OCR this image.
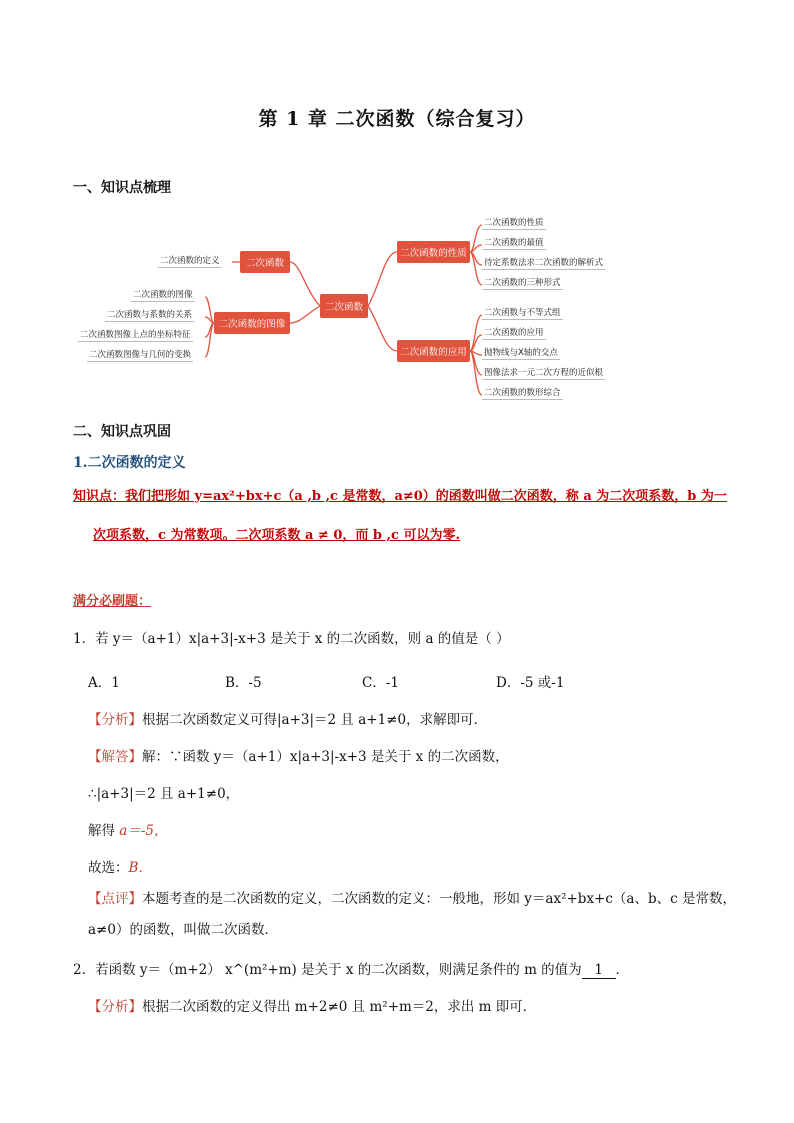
第 1 章 二次函数（综合复习）
一、知识点梳理
二次函数
二次函数
二次函数的定义
二次函数的图像
二次函数的图像
二次函数与系数的关系
二次函数图像上点的坐标特征
二次函数图像与几何的变换
二次函数的性质
二次函数的性质
二次函数的最值
待定系数法求二次函数的解析式
二次函数的三种形式
二次函数的应用
二次函数与不等式组
二次函数的应用
抛物线与X轴的交点
图像法求一元二次方程的近似根
二次函数的数形综合
二、知识点巩固
1.二次函数的定义
知识点：我们把形如 y=ax²+bx+c（a ,b ,c 是常数，a≠0）的函数叫做二次函数，称 a 为二次项系数，b 为一
次项系数，c 为常数项。二次项系数 a ≠ 0，而 b ,c 可以为零.
满分必刷题：
1．若 y＝（a+1）x|a+3|-x+3 是关于 x 的二次函数，则 a 的值是（ ）
A．1	B．-5	C．-1	D．-5 或-1
【分析】根据二次函数定义可得|a+3|＝2 且 a+1≠0，求解即可．
【解答】解：∵函数 y＝（a+1）x|a+3|-x+3 是关于 x 的二次函数，
∴|a+3|＝2 且 a+1≠0，
解得 a＝-5，
故选：B．
【点评】本题考查的是二次函数的定义，二次函数的定义：一般地，形如 y＝ax²+bx+c（a、b、c 是常数，
a≠0）的函数，叫做二次函数．
2．若函数 y＝（m+2） x^(m²+m) 是关于 x 的二次函数，则满足条件的 m 的值为 1 ．
【分析】根据二次函数的定义得出 m+2≠0 且 m²+m＝2，求出 m 即可．
